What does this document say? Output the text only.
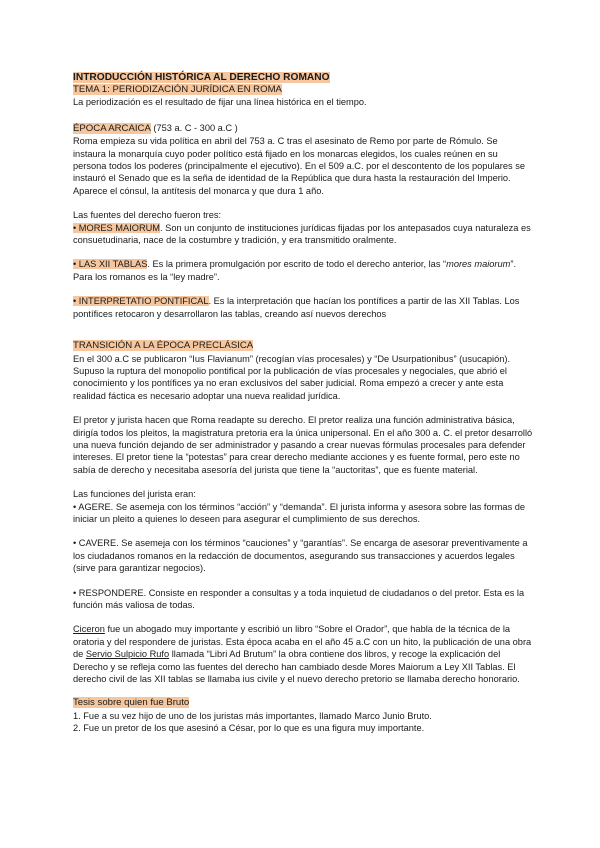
INTRODUCCIÓN HISTÓRICA AL DERECHO ROMANO

TEMA 1: PERIODIZACIÓN JURÍDICA EN ROMA

La periodización es el resultado de fijar una línea histórica en el tiempo.

ÉPOCA ARCAICA (753 a. C - 300 a.C )

Roma empieza su vida política en abril del 753 a. C tras el asesinato de Remo por parte de Rómulo. Se instaura la monarquía cuyo poder político está fijado en los monarcas elegidos, los cuales reúnen en su persona todos los poderes (principalmente el ejecutivo). En el 509 a.C. por el descontento de los populares se instauró el Senado que es la seña de identidad de la República que dura hasta la restauración del Imperio. Aparece el cónsul, la antítesis del monarca y que dura 1 año.

Las fuentes del derecho fueron tres:

• MORES MAIORUM. Son un conjunto de instituciones jurídicas fijadas por los antepasados cuya naturaleza es consuetudinaria, nace de la costumbre y tradición, y era transmitido oralmente.

• LAS XII TABLAS. Es la primera promulgación por escrito de todo el derecho anterior, las “mores maiorum”. Para los romanos es la “ley madre”.

• INTERPRETATIO PONTIFICAL. Es la interpretación que hacían los pontífices a partir de las XII Tablas. Los pontífices retocaron y desarrollaron las tablas, creando así nuevos derechos

TRANSICIÓN A LA ÉPOCA PRECLÁSICA

En el 300 a.C se publicaron “Ius Flavianum” (recogían vías procesales) y “De Usurpationibus” (usucapión). Supuso la ruptura del monopolio pontifical por la publicación de vías procesales y negociales, que abrió el conocimiento y los pontífices ya no eran exclusivos del saber judicial. Roma empezó a crecer y ante esta realidad fáctica es necesario adoptar una nueva realidad jurídica.

El pretor y jurista hacen que Roma readapte su derecho. El pretor realiza una función administrativa básica, dirigía todos los pleitos, la magistratura pretoria era la única unipersonal. En el año 300 a. C. el pretor desarrolló una nueva función dejando de ser administrador y pasando a crear nuevas fórmulas procesales para defender intereses. El pretor tiene la “potestas” para crear derecho mediante acciones y es fuente formal, pero este no sabía de derecho y necesitaba asesoría del jurista que tiene la “auctoritas”, que es fuente material.

Las funciones del jurista eran:

• AGERE. Se asemeja con los términos “acción” y “demanda”. El jurista informa y asesora sobre las formas de iniciar un pleito a quienes lo deseen para asegurar el cumplimiento de sus derechos.

• CAVERE. Se asemeja con los términos “cauciones” y “garantías”. Se encarga de asesorar preventivamente a los ciudadanos romanos en la redacción de documentos, asegurando sus transacciones y acuerdos legales (sirve para garantizar negocios).

• RESPONDERE. Consiste en responder a consultas y a toda inquietud de ciudadanos o del pretor. Esta es la función más valiosa de todas.

Ciceron fue un abogado muy importante y escribió un libro “Sobre el Orador”, que habla de la técnica de la oratoria y del respondere de juristas. Esta época acaba en el año 45 a.C con un hito, la publicación de una obra de Servio Sulpicio Rufo llamada “Libri Ad Brutum” la obra contiene dos libros, y recoge la explicación del Derecho y se refleja como las fuentes del derecho han cambiado desde Mores Maiorum a Ley XII Tablas. El derecho civil de las XII tablas se llamaba ius civile y el nuevo derecho pretorio se llamaba derecho honorario.

Tesis sobre quien fue Bruto

1. Fue a su vez hijo de uno de los juristas más importantes, llamado Marco Junio Bruto.

2. Fue un pretor de los que asesinó a César, por lo que es una figura muy importante.
